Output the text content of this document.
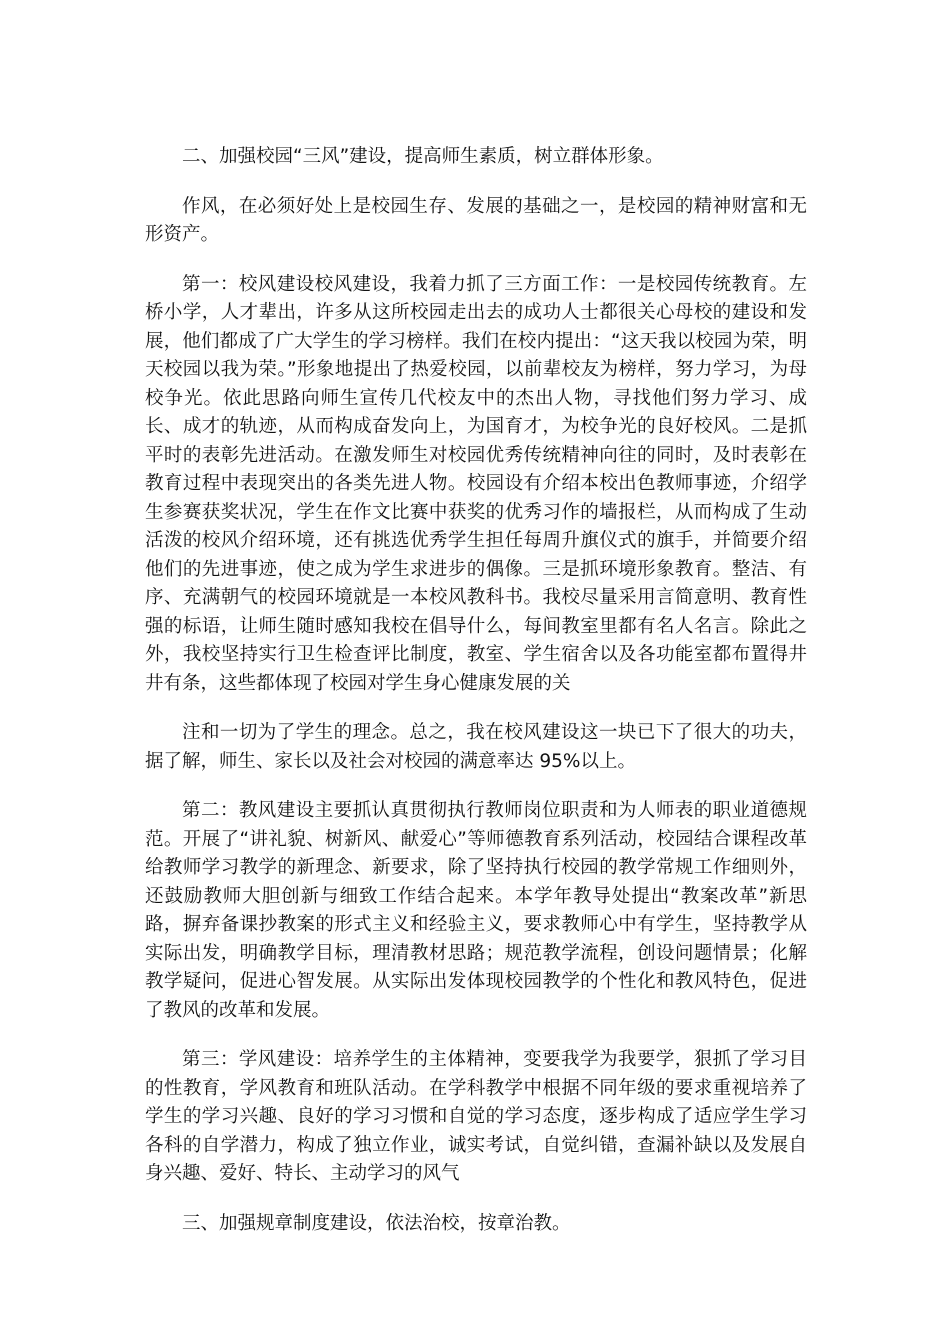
二、加强校园“三风”建设，提高师生素质，树立群体形象。

作风，在必须好处上是校园生存、发展的基础之一，是校园的精神财富和无形资产。

第一：校风建设校风建设，我着力抓了三方面工作：一是校园传统教育。左桥小学，人才辈出，许多从这所校园走出去的成功人士都很关心母校的建设和发展，他们都成了广大学生的学习榜样。我们在校内提出：“这天我以校园为荣，明天校园以我为荣。”形象地提出了热爱校园，以前辈校友为榜样，努力学习，为母校争光。依此思路向师生宣传几代校友中的杰出人物，寻找他们努力学习、成长、成才的轨迹，从而构成奋发向上，为国育才，为校争光的良好校风。二是抓平时的表彰先进活动。在激发师生对校园优秀传统精神向往的同时，及时表彰在教育过程中表现突出的各类先进人物。校园设有介绍本校出色教师事迹，介绍学生参赛获奖状况，学生在作文比赛中获奖的优秀习作的墙报栏，从而构成了生动活泼的校风介绍环境，还有挑选优秀学生担任每周升旗仪式的旗手，并简要介绍他们的先进事迹，使之成为学生求进步的偶像。三是抓环境形象教育。整洁、有序、充满朝气的校园环境就是一本校风教科书。我校尽量采用言简意明、教育性强的标语，让师生随时感知我校在倡导什么，每间教室里都有名人名言。除此之外，我校坚持实行卫生检查评比制度，教室、学生宿舍以及各功能室都布置得井井有条，这些都体现了校园对学生身心健康发展的关

注和一切为了学生的理念。总之，我在校风建设这一块已下了很大的功夫，据了解，师生、家长以及社会对校园的满意率达 95%以上。

第二：教风建设主要抓认真贯彻执行教师岗位职责和为人师表的职业道德规范。开展了“讲礼貌、树新风、献爱心”等师德教育系列活动，校园结合课程改革给教师学习教学的新理念、新要求，除了坚持执行校园的教学常规工作细则外，还鼓励教师大胆创新与细致工作结合起来。本学年教导处提出“教案改革”新思路，摒弃备课抄教案的形式主义和经验主义，要求教师心中有学生，坚持教学从实际出发，明确教学目标，理清教材思路；规范教学流程，创设问题情景；化解教学疑问，促进心智发展。从实际出发体现校园教学的个性化和教风特色，促进了教风的改革和发展。

第三：学风建设：培养学生的主体精神，变要我学为我要学，狠抓了学习目的性教育，学风教育和班队活动。在学科教学中根据不同年级的要求重视培养了学生的学习兴趣、良好的学习习惯和自觉的学习态度，逐步构成了适应学生学习各科的自学潜力，构成了独立作业，诚实考试，自觉纠错，查漏补缺以及发展自身兴趣、爱好、特长、主动学习的风气

三、加强规章制度建设，依法治校，按章治教。
